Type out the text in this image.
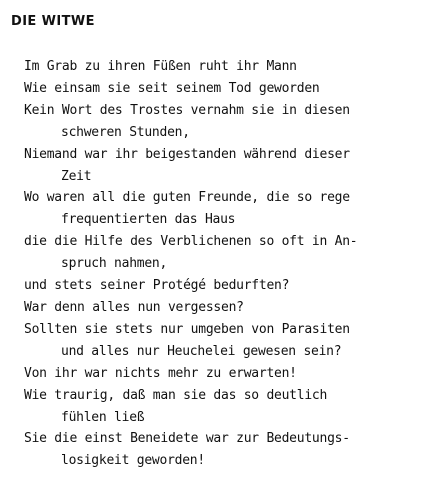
DIE WITWE
Im Grab zu ihren Füßen ruht ihr Mann
Wie einsam sie seit seinem Tod geworden
Kein Wort des Trostes vernahm sie in diesen
schweren Stunden,
Niemand war ihr beigestanden während dieser
Zeit
Wo waren all die guten Freunde, die so rege
frequentierten das Haus
die die Hilfe des Verblichenen so oft in An-
spruch nahmen,
und stets seiner Protégé bedurften?
War denn alles nun vergessen?
Sollten sie stets nur umgeben von Parasiten
und alles nur Heuchelei gewesen sein?
Von ihr war nichts mehr zu erwarten!
Wie traurig, daß man sie das so deutlich
fühlen ließ
Sie die einst Beneidete war zur Bedeutungs-
losigkeit geworden!
